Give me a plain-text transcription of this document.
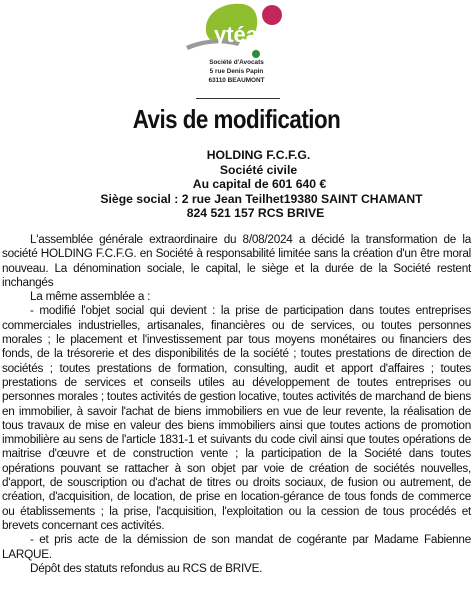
ytéa
Société d'Avocats
5 rue Denis Papin
63110 BEAUMONT
Avis de modification
HOLDING F.C.F.G.
Société civile
Au capital de 601 640 €
Siège social : 2 rue Jean Teilhet19380 SAINT CHAMANT
824 521 157 RCS BRIVE

L'assemblée générale extraordinaire du 8/08/2024 a décidé la transformation de la société HOLDING F.C.F.G. en Société à responsabilité limitée sans la création d'un être moral nouveau. La dénomination sociale, le capital, le siège et la durée de la Société restent inchangés

La même assemblée a :

- modifié l'objet social qui devient : la prise de participation dans toutes entreprises commerciales industrielles, artisanales, financières ou de services, ou toutes personnes morales ; le placement et l'investissement par tous moyens monétaires ou financiers des fonds, de la trésorerie et des disponibilités de la société ; toutes prestations de direction de sociétés ; toutes prestations de formation, consulting, audit et apport d'affaires ; toutes prestations de services et conseils utiles au développement de toutes entreprises ou personnes morales ; toutes activités de gestion locative, toutes activités de marchand de biens en immobilier, à savoir l'achat de biens immobiliers en vue de leur revente, la réalisation de tous travaux de mise en valeur des biens immobiliers ainsi que toutes actions de promotion immobilière au sens de l'article 1831-1 et suivants du code civil ainsi que toutes opérations de maitrise d'œuvre et de construction vente ; la participation de la Société dans toutes opérations pouvant se rattacher à son objet par voie de création de sociétés nouvelles, d'apport, de souscription ou d'achat de titres ou droits sociaux, de fusion ou autrement, de création, d'acquisition, de location, de prise en location-gérance de tous fonds de commerce ou établissements ; la prise, l'acquisition, l'exploitation ou la cession de tous procédés et brevets concernant ces activités.

- et pris acte de la démission de son mandat de cogérante par Madame Fabienne LARQUE.

Dépôt des statuts refondus au RCS de BRIVE.
